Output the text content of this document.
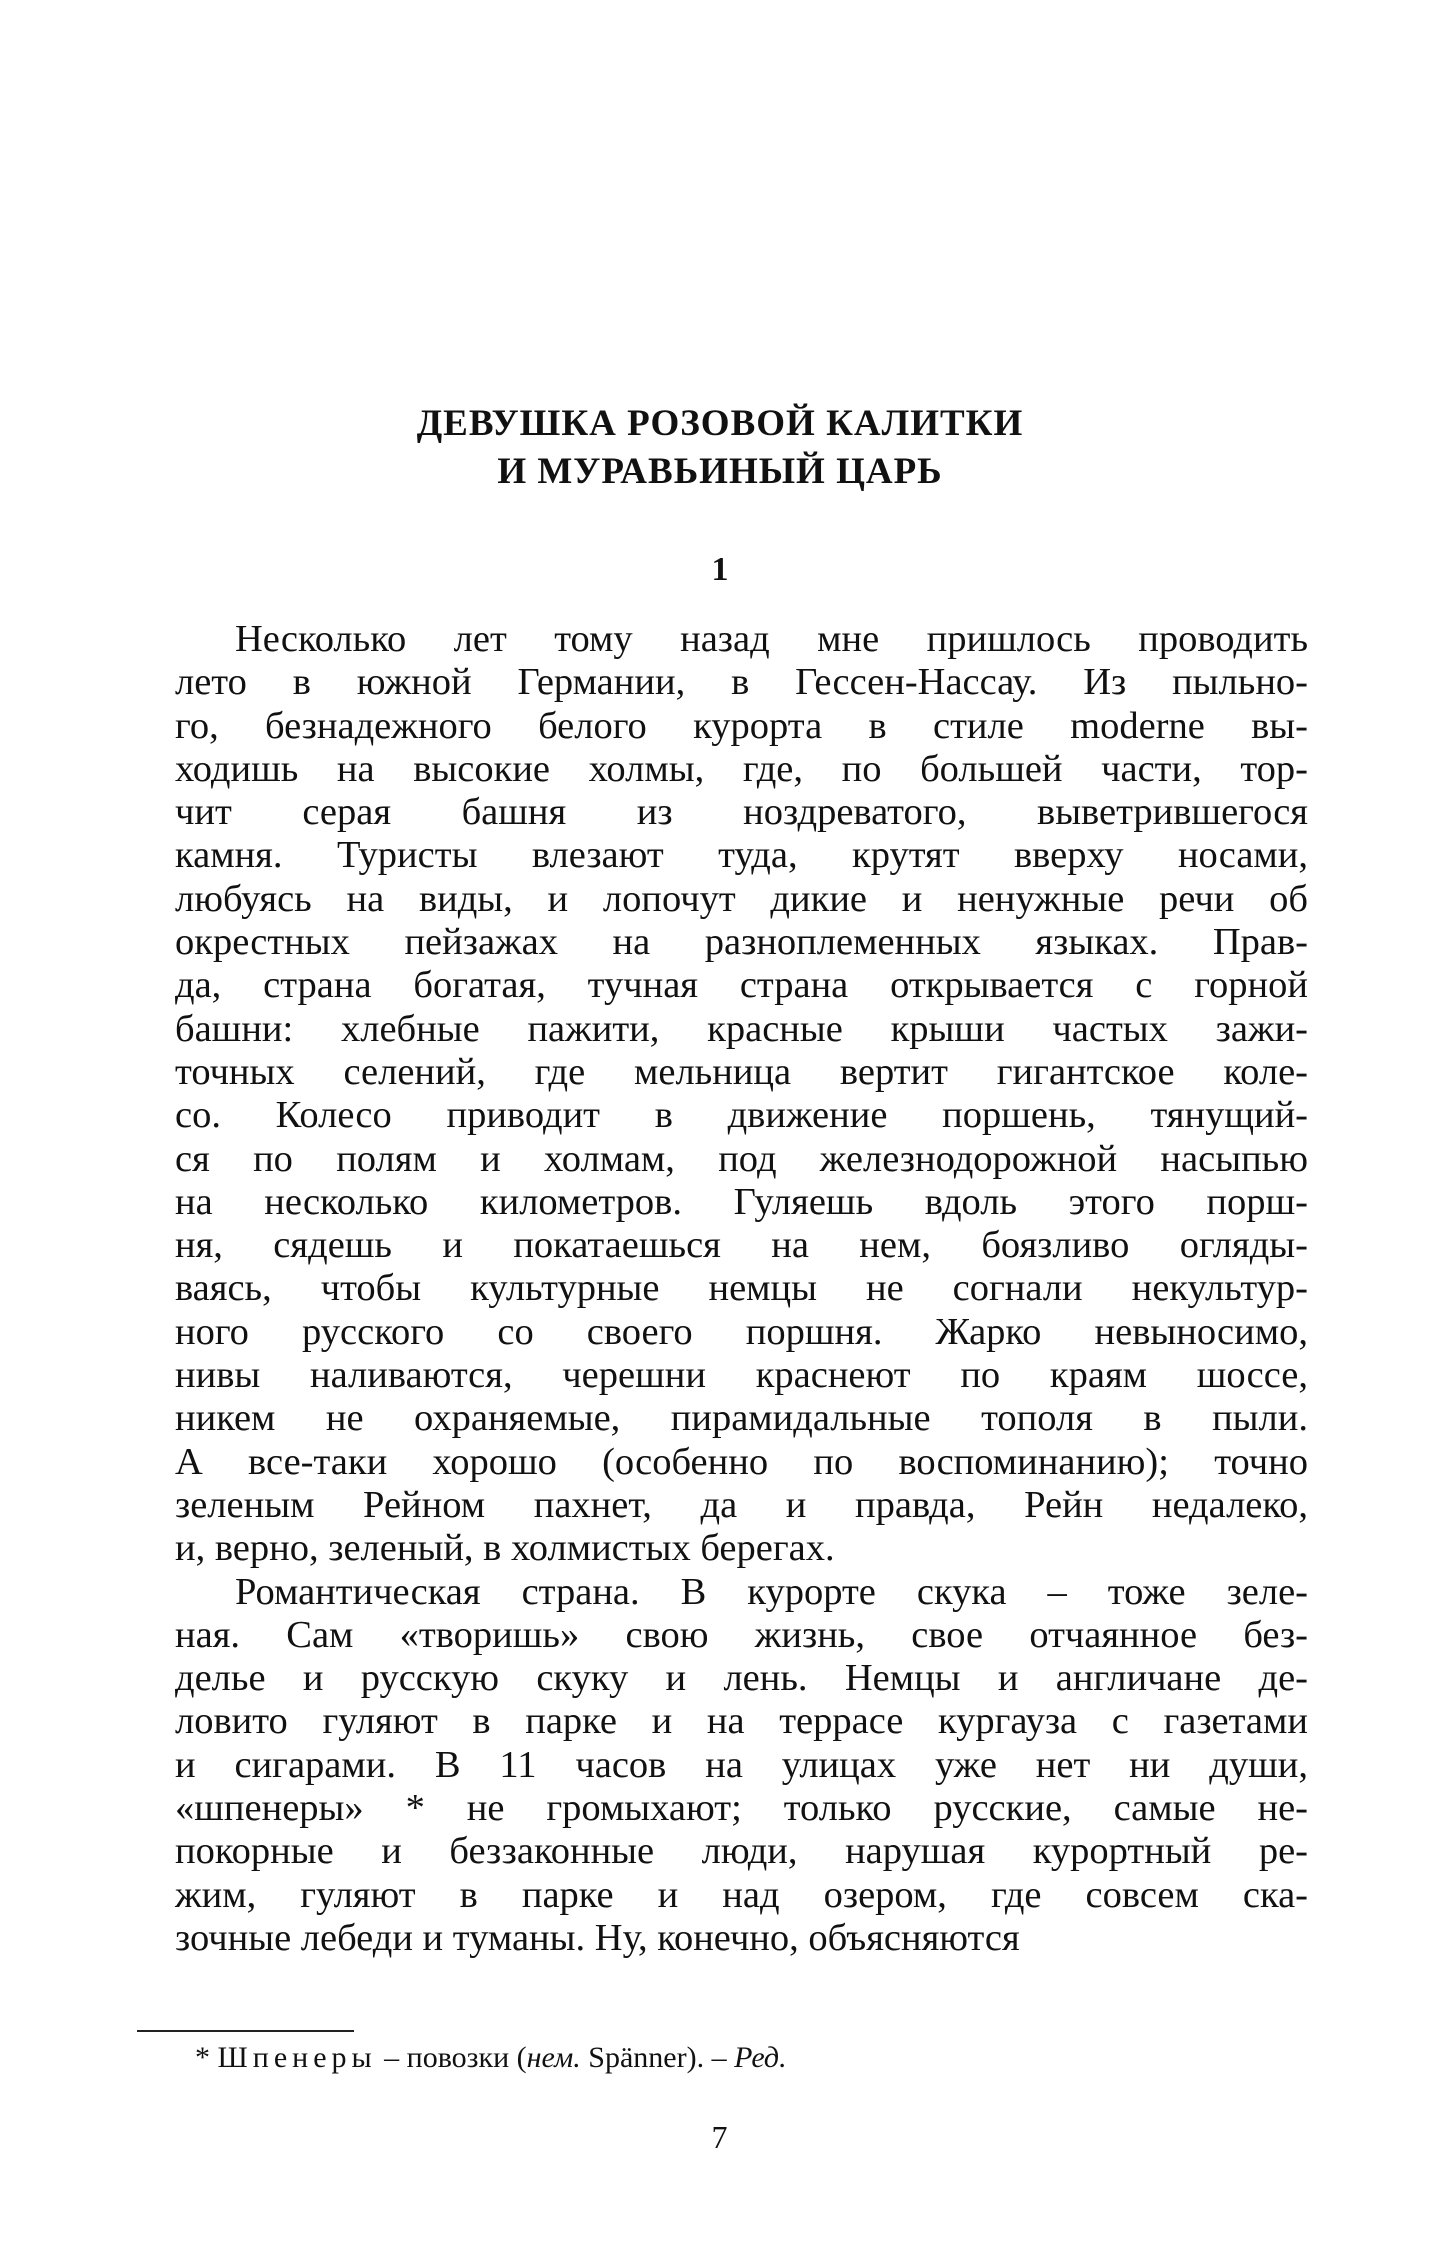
ДЕВУШКА РОЗОВОЙ КАЛИТКИ
И МУРАВЬИНЫЙ ЦАРЬ
1
Несколько лет тому назад мне пришлось проводить
лето в южной Германии, в Гессен-Нассау. Из пыльно-
го, безнадежного белого курорта в стиле moderne вы-
ходишь на высокие холмы, где, по большей части, тор-
чит серая башня из ноздреватого, выветрившегося
камня. Туристы влезают туда, крутят вверху носами,
любуясь на виды, и лопочут дикие и ненужные речи об
окрестных пейзажах на разноплеменных языках. Прав-
да, страна богатая, тучная страна открывается с горной
башни: хлебные пажити, красные крыши частых зажи-
точных селений, где мельница вертит гигантское коле-
со. Колесо приводит в движение поршень, тянущий-
ся по полям и холмам, под железнодорожной насыпью
на несколько километров. Гуляешь вдоль этого порш-
ня, сядешь и покатаешься на нем, боязливо огляды-
ваясь, чтобы культурные немцы не согнали некультур-
ного русского со своего поршня. Жарко невыносимо,
нивы наливаются, черешни краснеют по краям шоссе,
никем не охраняемые, пирамидальные тополя в пыли.
А все-таки хорошо (особенно по воспоминанию); точно
зеленым Рейном пахнет, да и правда, Рейн недалеко,
и, верно, зеленый, в холмистых берегах.
Романтическая страна. В курорте скука – тоже зеле-
ная. Сам «творишь» свою жизнь, свое отчаянное без-
делье и русскую скуку и лень. Немцы и англичане де-
ловито гуляют в парке и на террасе кургауза с газетами
и сигарами. В 11 часов на улицах уже нет ни души,
«шпенеры» * не громыхают; только русские, самые не-
покорные и беззаконные люди, нарушая курортный ре-
жим, гуляют в парке и над озером, где совсем ска-
зочные лебеди и туманы. Ну, конечно, объясняются
* Шпенеры – повозки (нем. Spänner). – Ред.
7
